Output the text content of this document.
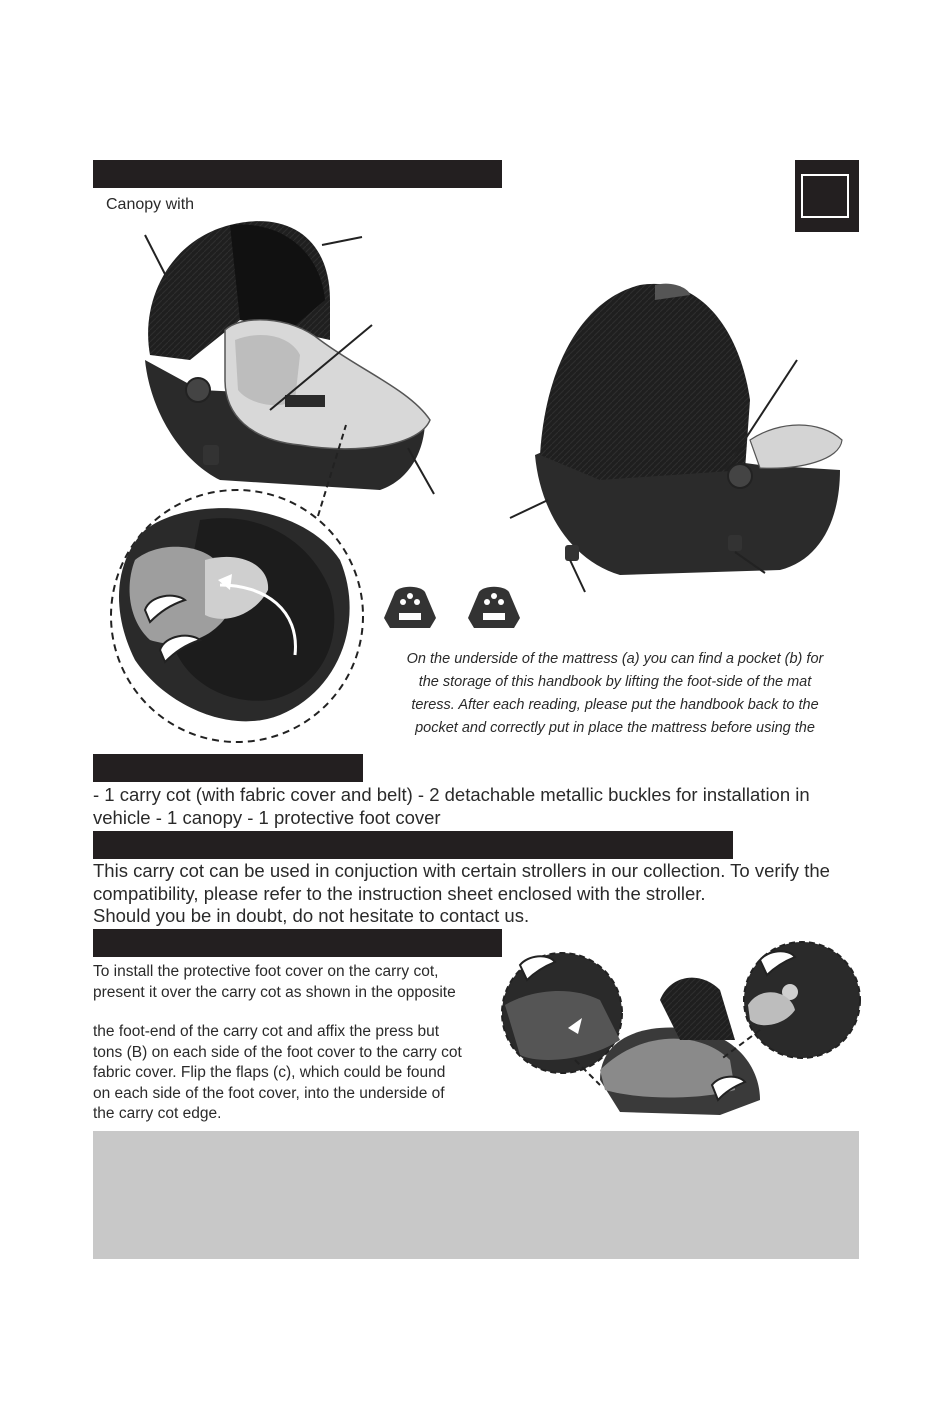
Canopy with
On the underside of the mattress (a) you can find a pocket (b) for
the storage of this handbook by lifting the foot-side of the mat
teress. After each reading, please put the handbook back to the
pocket and correctly put in place the mattress before using the
- 1 carry cot (with fabric cover and belt) - 2 detachable metallic buckles for installation in
vehicle - 1 canopy - 1 protective foot cover
This carry cot can be used in conjuction with certain strollers in our collection. To verify the
compatibility, please refer to the instruction sheet enclosed with the stroller.
Should you be in doubt, do not hesitate to contact us.
To install the protective foot cover on the carry cot,
present it over the carry cot as shown in the opposite
the foot-end of the carry cot and affix the press but
tons (B) on each side of the foot cover to the carry cot
fabric cover. Flip the flaps (c), which could be found
on each side of the foot cover, into the underside of
the carry cot edge.
